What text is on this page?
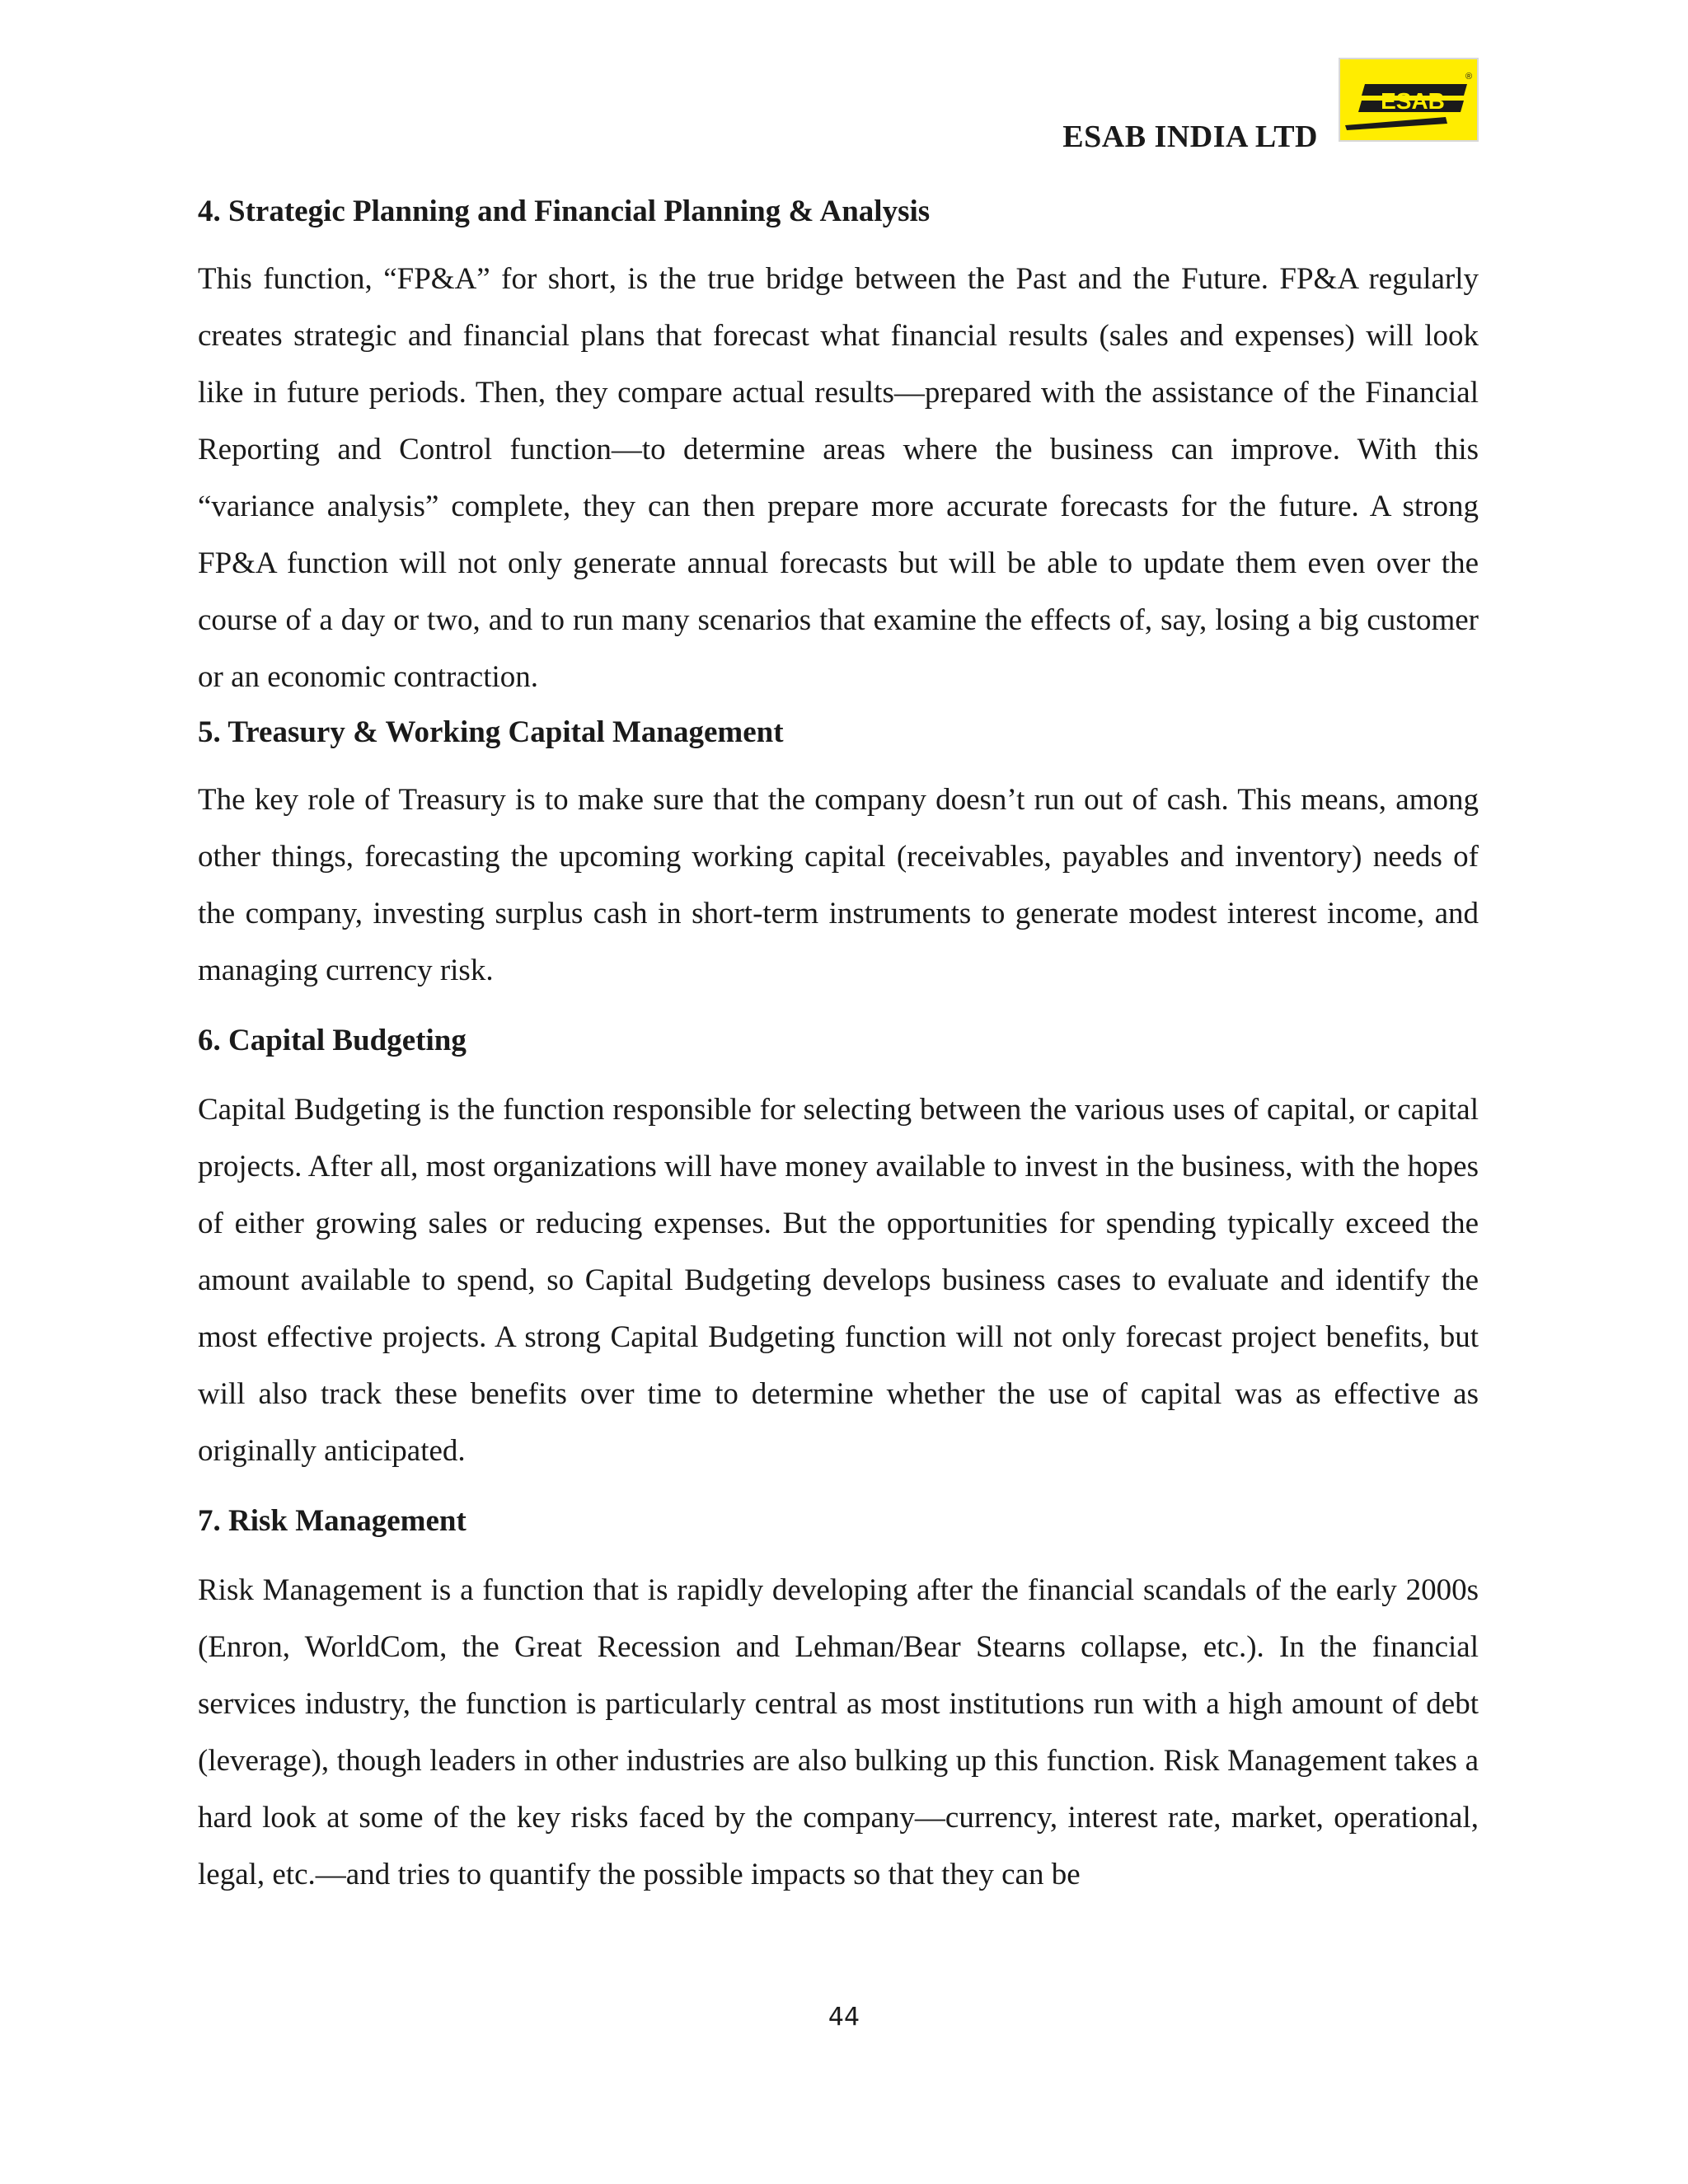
ESAB INDIA LTD
ESAB
®
4. Strategic Planning and Financial Planning & Analysis

This function, “FP&A” for short, is the true bridge between the Past and the Future. FP&A regularly creates strategic and financial plans that forecast what financial results (sales and expenses) will look like in future periods. Then, they compare actual results—prepared with the assistance of the Financial Reporting and Control function—to determine areas where the business can improve. With this “variance analysis” complete, they can then prepare more accurate forecasts for the future. A strong FP&A function will not only generate annual forecasts but will be able to update them even over the course of a day or two, and to run many scenarios that examine the effects of, say, losing a big customer or an economic contraction.

5. Treasury & Working Capital Management

The key role of Treasury is to make sure that the company doesn’t run out of cash. This means, among other things, forecasting the upcoming working capital (receivables, payables and inventory) needs of the company, investing surplus cash in short-term instruments to generate modest interest income, and managing currency risk.

6. Capital Budgeting

Capital Budgeting is the function responsible for selecting between the various uses of capital, or capital projects. After all, most organizations will have money available to invest in the business, with the hopes of either growing sales or reducing expenses. But the opportunities for spending typically exceed the amount available to spend, so Capital Budgeting develops business cases to evaluate and identify the most effective projects. A strong Capital Budgeting function will not only forecast project benefits, but will also track these benefits over time to determine whether the use of capital was as effective as originally anticipated.

7. Risk Management

Risk Management is a function that is rapidly developing after the financial scandals of the early 2000s (Enron, WorldCom, the Great Recession and Lehman/Bear Stearns collapse, etc.). In the financial services industry, the function is particularly central as most institutions run with a high amount of debt (leverage), though leaders in other industries are also bulking up this function. Risk Management takes a hard look at some of the key risks faced by the company—currency, interest rate, market, operational, legal, etc.—and tries to quantify the possible impacts so that they can be

44
